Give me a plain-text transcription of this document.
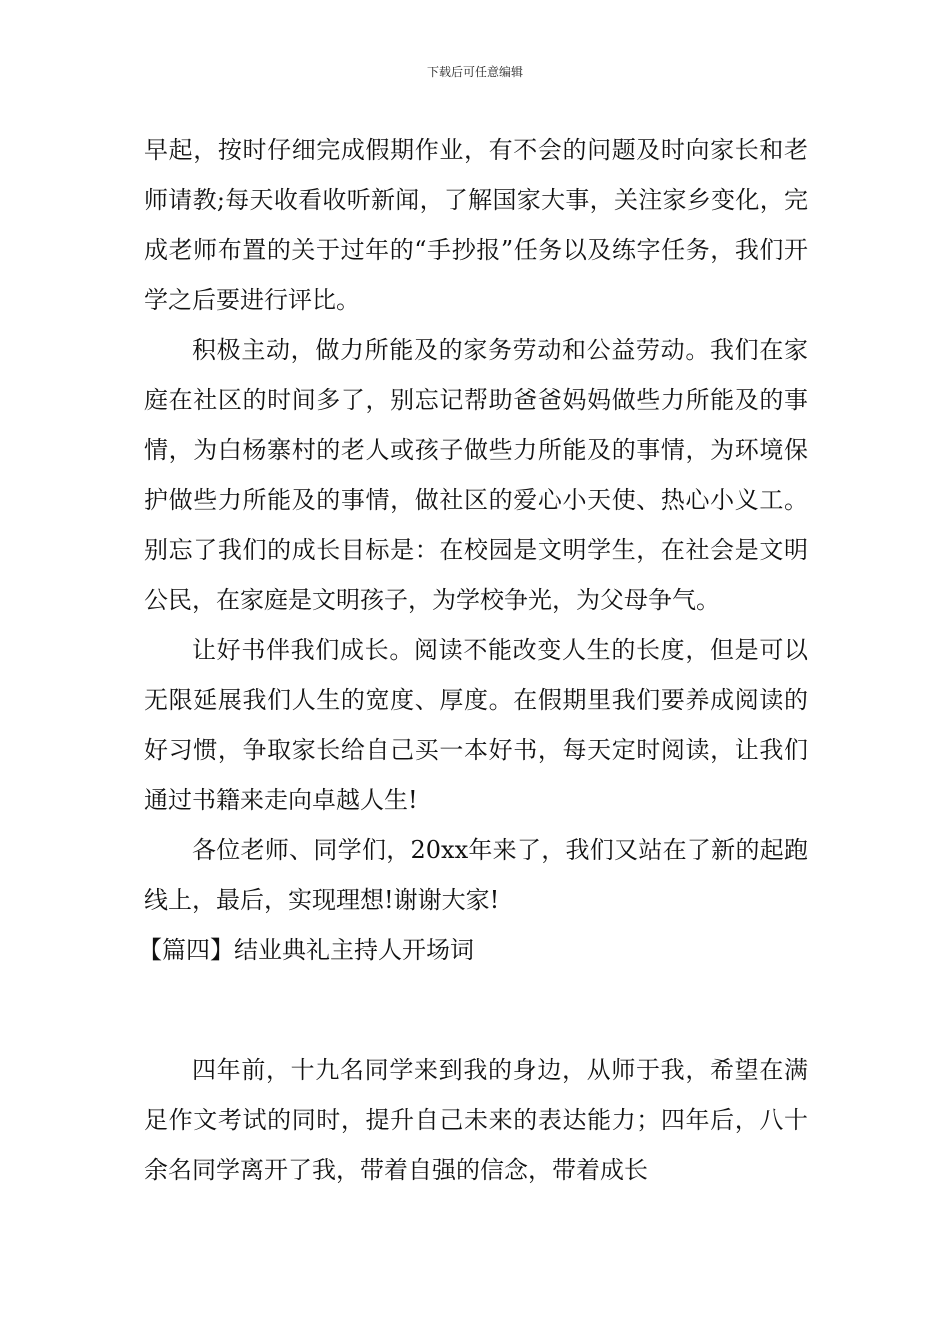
下载后可任意编辑

早起，按时仔细完成假期作业，有不会的问题及时向家长和老师请教;每天收看收听新闻，了解国家大事，关注家乡变化，完成老师布置的关于过年的“手抄报”任务以及练字任务，我们开学之后要进行评比。

积极主动，做力所能及的家务劳动和公益劳动。我们在家庭在社区的时间多了，别忘记帮助爸爸妈妈做些力所能及的事情，为白杨寨村的老人或孩子做些力所能及的事情，为环境保护做些力所能及的事情，做社区的爱心小天使、热心小义工。别忘了我们的成长目标是：在校园是文明学生，在社会是文明公民，在家庭是文明孩子，为学校争光，为父母争气。

让好书伴我们成长。阅读不能改变人生的长度，但是可以无限延展我们人生的宽度、厚度。在假期里我们要养成阅读的好习惯，争取家长给自己买一本好书，每天定时阅读，让我们通过书籍来走向卓越人生!

各位老师、同学们，20xx年来了，我们又站在了新的起跑线上，最后，实现理想!谢谢大家!

【篇四】结业典礼主持人开场词

四年前，十九名同学来到我的身边，从师于我，希望在满足作文考试的同时，提升自己未来的表达能力；四年后，八十余名同学离开了我，带着自强的信念，带着成长
